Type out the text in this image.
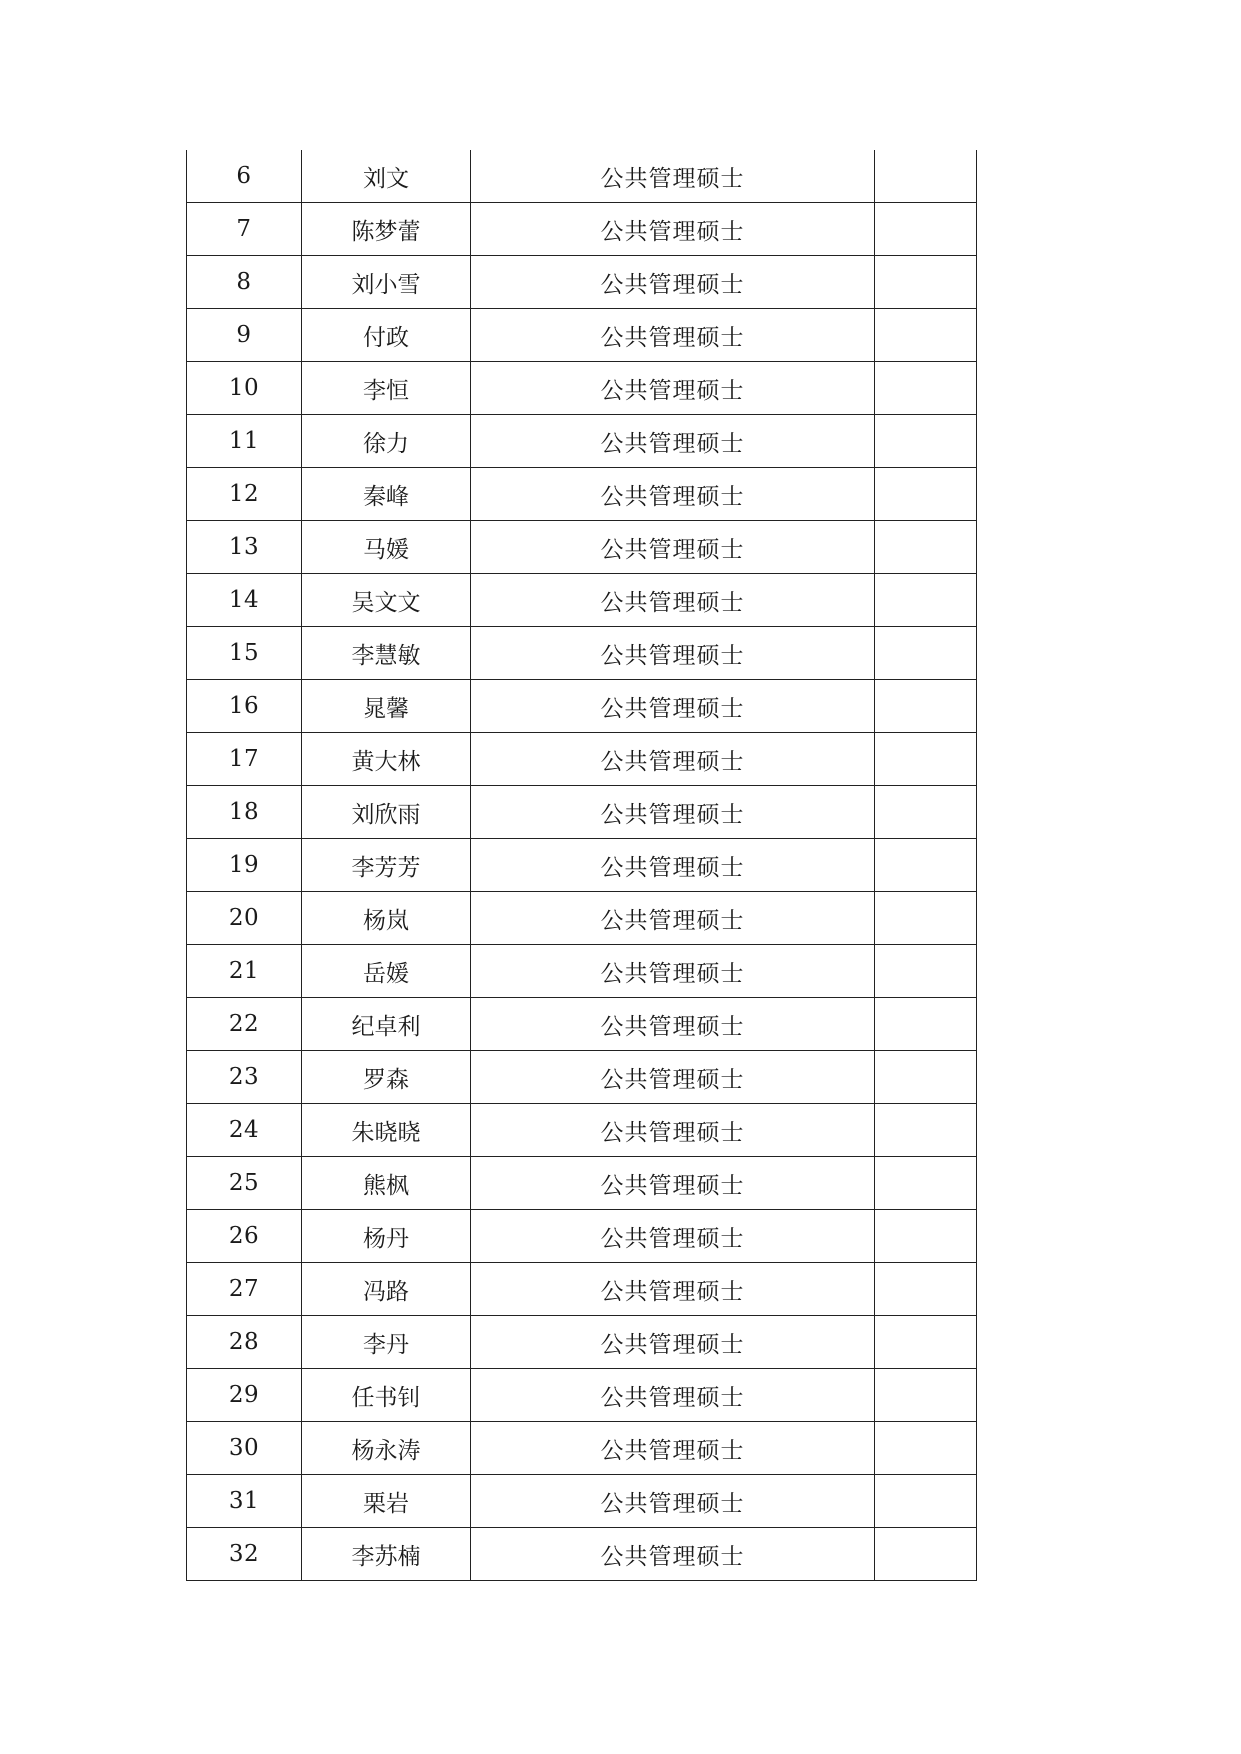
6	刘文	公共管理硕士	
7	陈梦蕾	公共管理硕士	
8	刘小雪	公共管理硕士	
9	付政	公共管理硕士	
10	李恒	公共管理硕士	
11	徐力	公共管理硕士	
12	秦峰	公共管理硕士	
13	马媛	公共管理硕士	
14	吴文文	公共管理硕士	
15	李慧敏	公共管理硕士	
16	晁馨	公共管理硕士	
17	黄大林	公共管理硕士	
18	刘欣雨	公共管理硕士	
19	李芳芳	公共管理硕士	
20	杨岚	公共管理硕士	
21	岳媛	公共管理硕士	
22	纪卓利	公共管理硕士	
23	罗森	公共管理硕士	
24	朱晓晓	公共管理硕士	
25	熊枫	公共管理硕士	
26	杨丹	公共管理硕士	
27	冯路	公共管理硕士	
28	李丹	公共管理硕士	
29	任书钊	公共管理硕士	
30	杨永涛	公共管理硕士	
31	栗岩	公共管理硕士	
32	李苏楠	公共管理硕士	
